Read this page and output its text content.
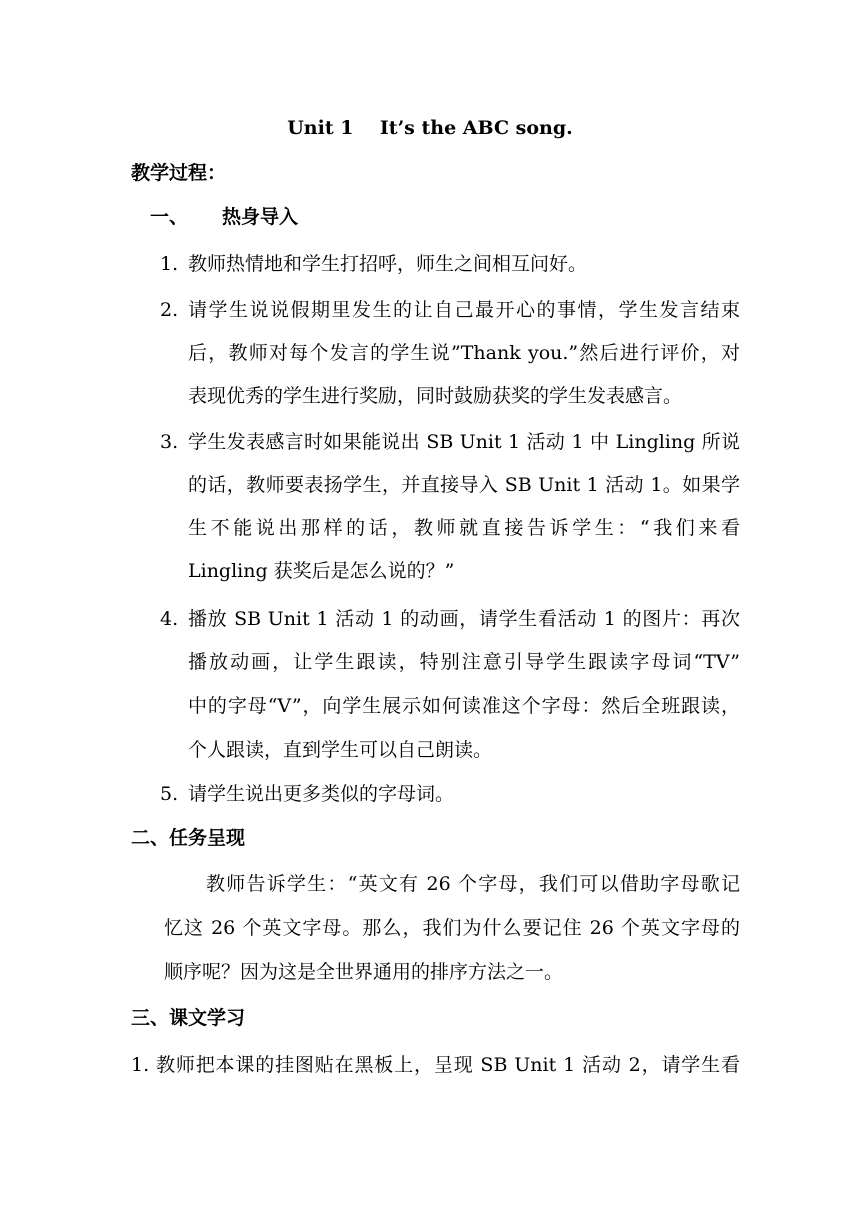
Unit 1    It’s the ABC song.
教学过程：
一、 热身导入
1. 教师热情地和学生打招呼，师生之间相互问好。
2. 请学生说说假期里发生的让自己最开心的事情，学生发言结束
后，教师对每个发言的学生说”Thank you.”然后进行评价，对
表现优秀的学生进行奖励，同时鼓励获奖的学生发表感言。
3. 学生发表感言时如果能说出 SB Unit 1 活动 1 中 Lingling 所说
的话，教师要表扬学生，并直接导入 SB Unit 1 活动 1。如果学
生不能说出那样的话，教师就直接告诉学生：“我们来看
Lingling 获奖后是怎么说的？”
4. 播放 SB Unit 1 活动 1 的动画，请学生看活动 1 的图片：再次
播放动画，让学生跟读，特别注意引导学生跟读字母词“TV”
中的字母“V”，向学生展示如何读准这个字母：然后全班跟读，
个人跟读，直到学生可以自己朗读。
5. 请学生说出更多类似的字母词。
二、任务呈现
教师告诉学生：“英文有 26 个字母，我们可以借助字母歌记
忆这 26 个英文字母。那么，我们为什么要记住 26 个英文字母的
顺序呢？因为这是全世界通用的排序方法之一。
三、课文学习
1. 教师把本课的挂图贴在黑板上，呈现 SB Unit 1 活动 2，请学生看
